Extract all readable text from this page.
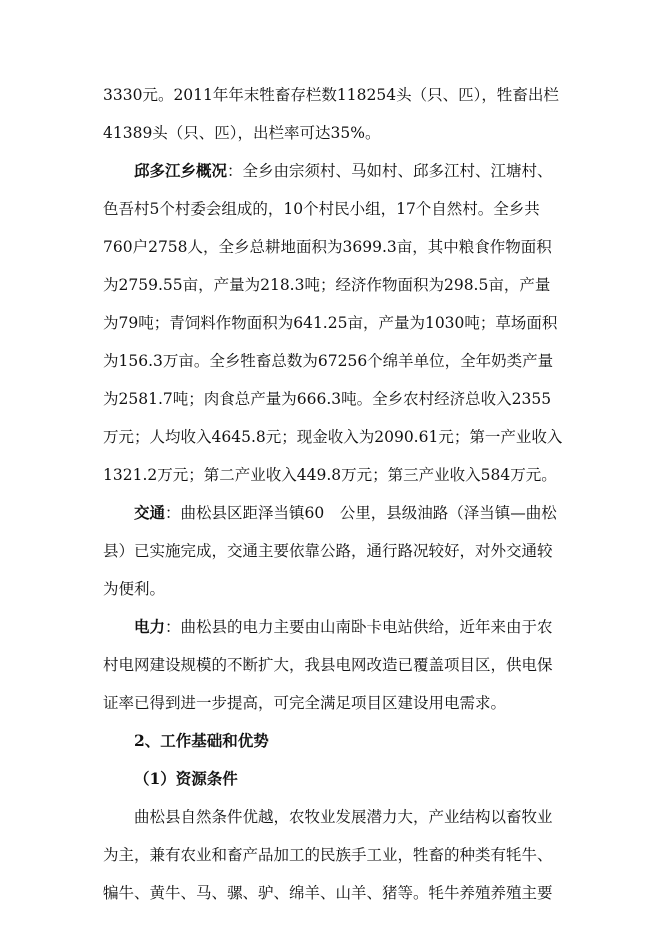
3330元。2011年年末牲畜存栏数118254头（只、匹），牲畜出栏
41389头（只、匹），出栏率可达35%。
邱多江乡概况：全乡由宗须村、马如村、邱多江村、江塘村、
色吾村5个村委会组成的，10个村民小组，17个自然村。全乡共
760户2758人，全乡总耕地面积为3699.3亩，其中粮食作物面积
为2759.55亩，产量为218.3吨；经济作物面积为298.5亩，产量
为79吨；青饲料作物面积为641.25亩，产量为1030吨；草场面积
为156.3万亩。全乡牲畜总数为67256个绵羊单位，全年奶类产量
为2581.7吨；肉食总产量为666.3吨。全乡农村经济总收入2355
万元；人均收入4645.8元；现金收入为2090.61元；第一产业收入
1321.2万元；第二产业收入449.8万元；第三产业收入584万元。
交通：曲松县区距泽当镇60　公里，县级油路（泽当镇—曲松
县）已实施完成，交通主要依靠公路，通行路况较好，对外交通较
为便利。
电力：曲松县的电力主要由山南卧卡电站供给，近年来由于农
村电网建设规模的不断扩大，我县电网改造已覆盖项目区，供电保
证率已得到进一步提高，可完全满足项目区建设用电需求。
2、工作基础和优势
（1）资源条件
曲松县自然条件优越，农牧业发展潜力大，产业结构以畜牧业
为主，兼有农业和畜产品加工的民族手工业，牲畜的种类有牦牛、
犏牛、黄牛、马、骡、驴、绵羊、山羊、猪等。牦牛养殖养殖主要
